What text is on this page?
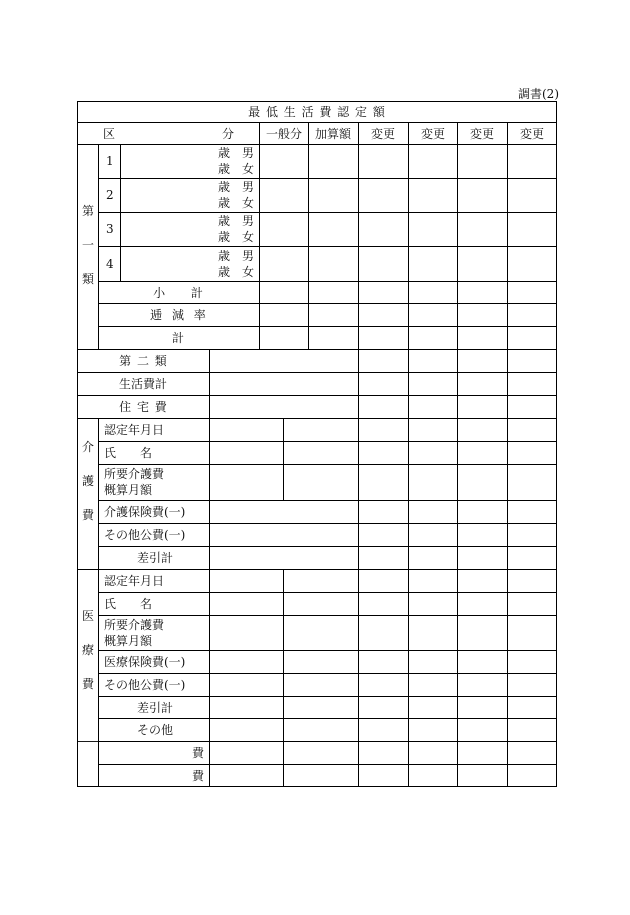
調書(2)
最 低 生 活 費 認 定 額
区	分	一般分 加算額 変更 変更 変更 変更
第
一
類
1
歳 男
歳 女
2
歳 男
歳 女
3
歳 男
歳 女
4
歳 男
歳 女
小 計
逓 減 率
計
第 二 類
生活費計
住 宅 費
介
護
費
認定年月日
氏　　名
所要介護費
概算月額
介護保険費(一)
その他公費(一)
差引計
医
療
費
認定年月日
氏　　名
所要介護費
概算月額
医療保険費(一)
その他公費(一)
差引計
その他
費
費
